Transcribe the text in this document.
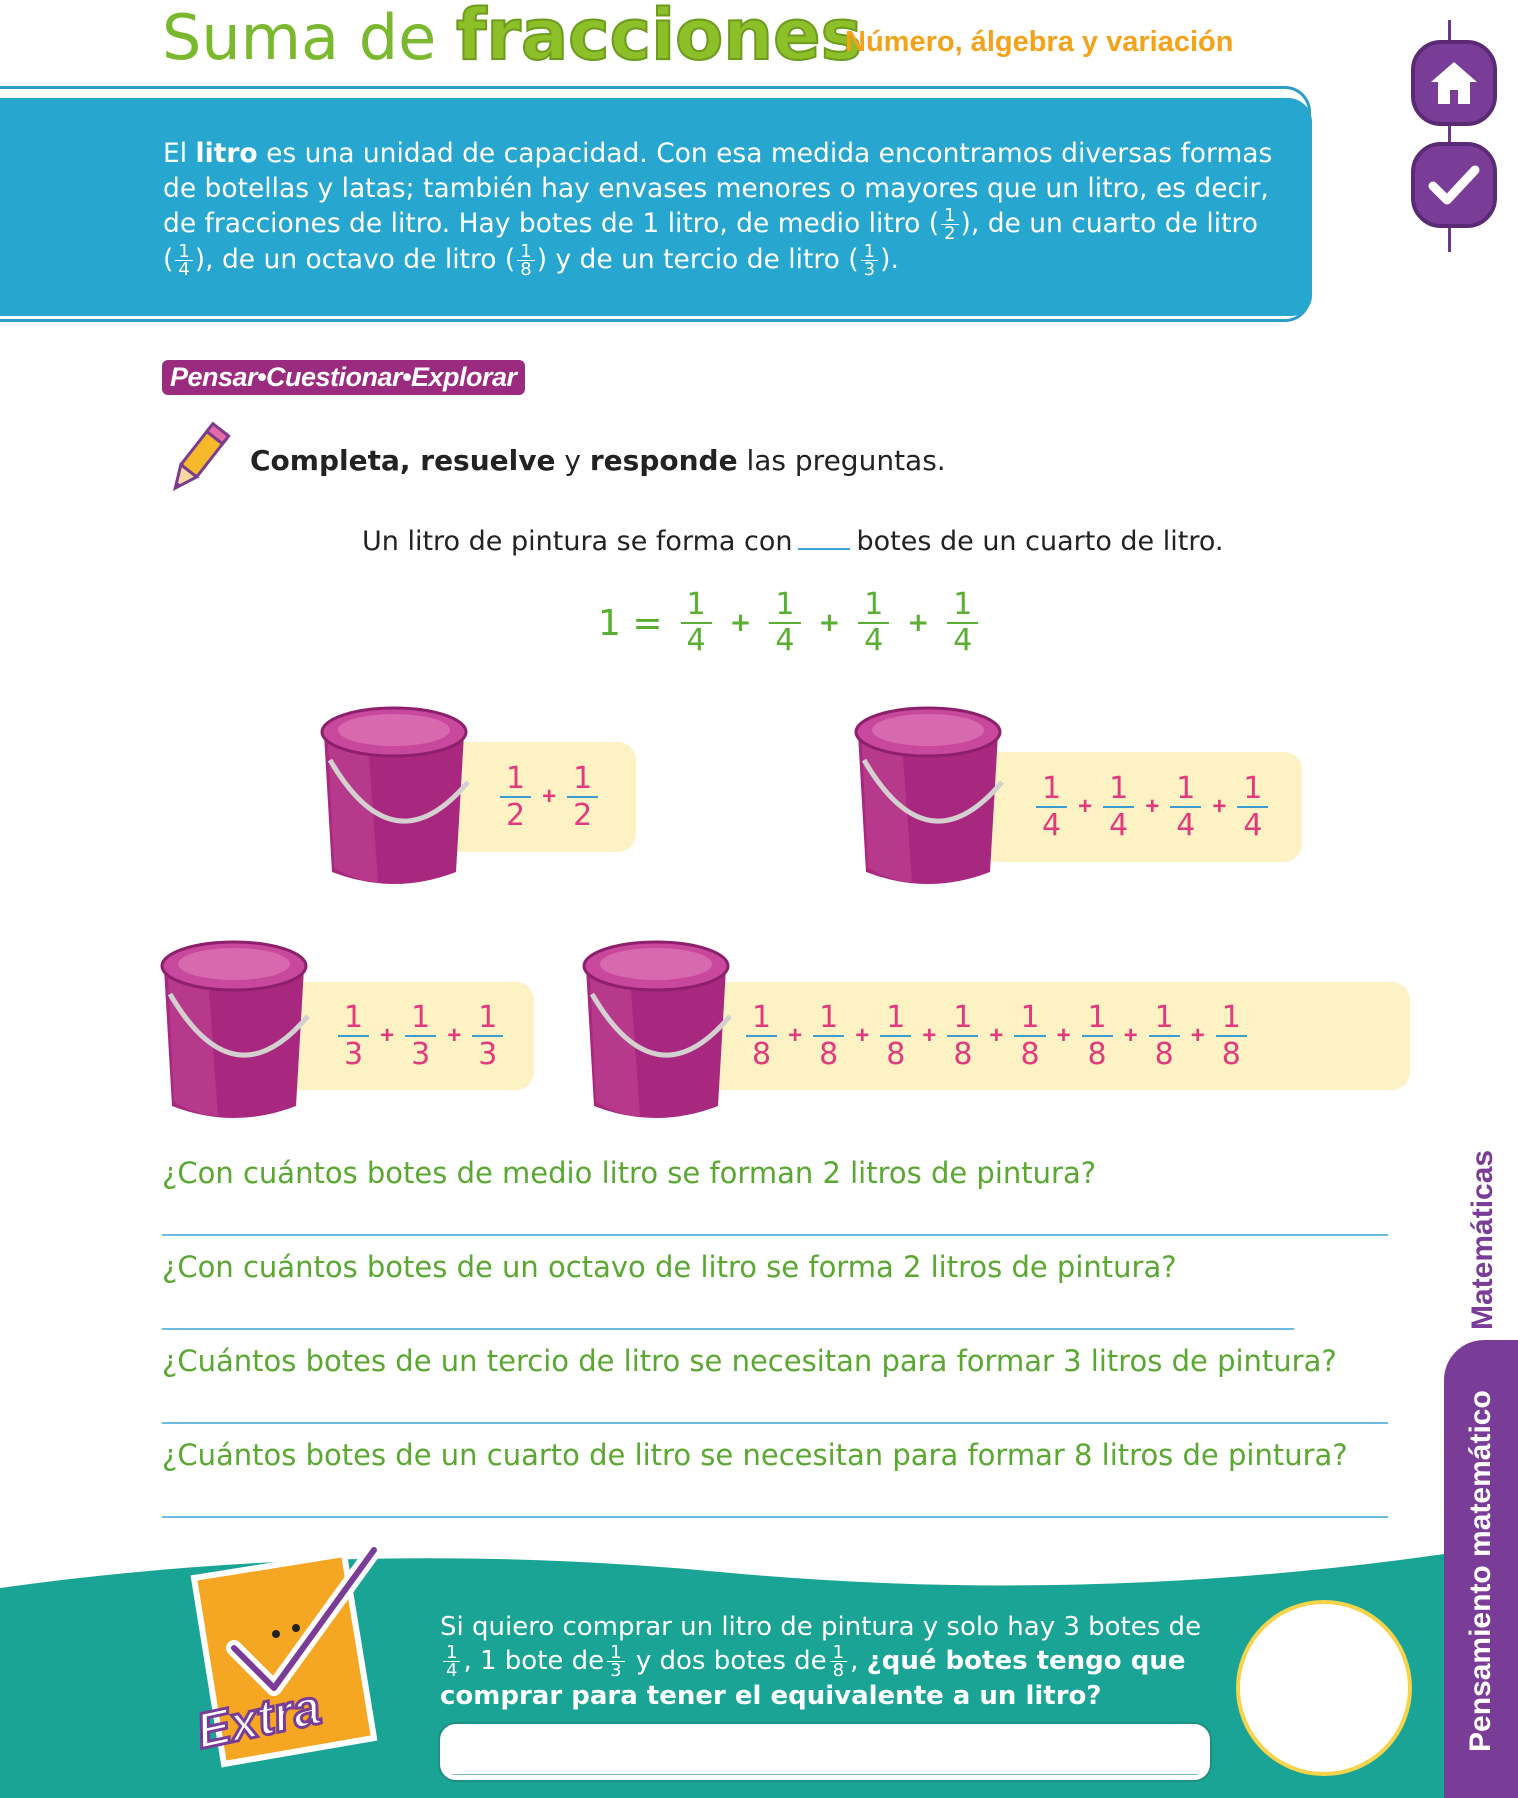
Suma de fracciones
Número, álgebra y variación
El litro es una unidad de capacidad. Con esa medida encontramos diversas formas de botellas y latas; también hay envases menores o mayores que un litro, es decir, de fracciones de litro. Hay botes de 1 litro, de medio litro ( $\frac{1}{2}$ ), de un cuarto de litro ( $\frac{1}{4}$ ), de un octavo de litro ( $\frac{1}{8}$ ) y de un tercio de litro ( $\frac{1}{3}$ ).
Pensar•Cuestionar•Explorar
Completa, resuelve y responde las preguntas.
Un litro de pintura se forma con botes de un cuarto de litro.
$1 = \frac{1}{4} + \frac{1}{4} + \frac{1}{4} + \frac{1}{4}$
1
2
+ $\frac{1}{2}$	1
4
+ $\frac{1}{4} + \frac{1}{4} + \frac{1}{4}$
1
3
+ $\frac{1}{3} + \frac{1}{3}$	1
8
+ $\frac{1}{8} + \frac{1}{8} + \frac{1}{8} + \frac{1}{8} + \frac{1}{8} + \frac{1}{8} + \frac{1}{8}$
¿Con cuántos botes de medio litro se forman 2 litros de pintura?
¿Con cuántos botes de un octavo de litro se forma 2 litros de pintura?
¿Cuántos botes de un tercio de litro se necesitan para formar 3 litros de pintura?
¿Cuántos botes de un cuarto de litro se necesitan para formar 8 litros de pintura?
Matemáticas
Pensamiento matemático
Extra
Si quiero comprar un litro de pintura y solo hay 3 botes de
$\frac{1}{4}$ , 1 bote de $\frac{1}{3}$ y dos botes de $\frac{1}{8}$ , ¿qué botes tengo que comprar para tener el equivalente a un litro?
